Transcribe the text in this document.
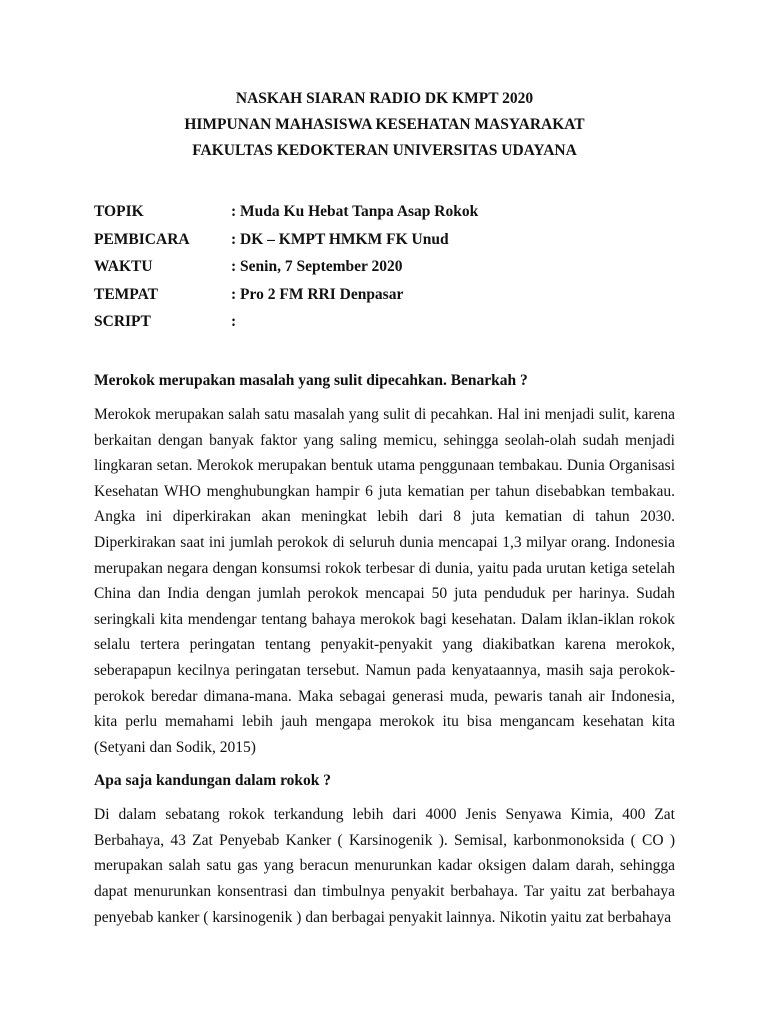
NASKAH SIARAN RADIO DK KMPT 2020
HIMPUNAN MAHASISWA KESEHATAN MASYARAKAT
FAKULTAS KEDOKTERAN UNIVERSITAS UDAYANA
TOPIK	: Muda Ku Hebat Tanpa Asap Rokok
PEMBICARA	: DK – KMPT HMKM FK Unud
WAKTU	: Senin, 7 September 2020
TEMPAT	: Pro 2 FM RRI Denpasar
SCRIPT	:

Merokok merupakan masalah yang sulit dipecahkan. Benarkah ?

Merokok merupakan salah satu masalah yang sulit di pecahkan. Hal ini menjadi sulit, karena berkaitan dengan banyak faktor yang saling memicu, sehingga seolah-olah sudah menjadi lingkaran setan. Merokok merupakan bentuk utama penggunaan tembakau. Dunia Organisasi Kesehatan WHO menghubungkan hampir 6 juta kematian per tahun disebabkan tembakau. Angka ini diperkirakan akan meningkat lebih dari 8 juta kematian di tahun 2030. Diperkirakan saat ini jumlah perokok di seluruh dunia mencapai 1,3 milyar orang. Indonesia merupakan negara dengan konsumsi rokok terbesar di dunia, yaitu pada urutan ketiga setelah China dan India dengan jumlah perokok mencapai 50 juta penduduk per harinya. Sudah seringkali kita mendengar tentang bahaya merokok bagi kesehatan. Dalam iklan-iklan rokok selalu tertera peringatan tentang penyakit-penyakit yang diakibatkan karena merokok, seberapapun kecilnya peringatan tersebut. Namun pada kenyataannya, masih saja perokok-perokok beredar dimana-mana. Maka sebagai generasi muda, pewaris tanah air Indonesia, kita perlu memahami lebih jauh mengapa merokok itu bisa mengancam kesehatan kita (Setyani dan Sodik, 2015)

Apa saja kandungan dalam rokok ?

Di dalam sebatang rokok terkandung lebih dari 4000 Jenis Senyawa Kimia, 400 Zat Berbahaya, 43 Zat Penyebab Kanker ( Karsinogenik ). Semisal, karbonmonoksida ( CO ) merupakan salah satu gas yang beracun menurunkan kadar oksigen dalam darah, sehingga dapat menurunkan konsentrasi dan timbulnya penyakit berbahaya. Tar yaitu zat berbahaya penyebab kanker ( karsinogenik ) dan berbagai penyakit lainnya. Nikotin yaitu zat berbahaya
